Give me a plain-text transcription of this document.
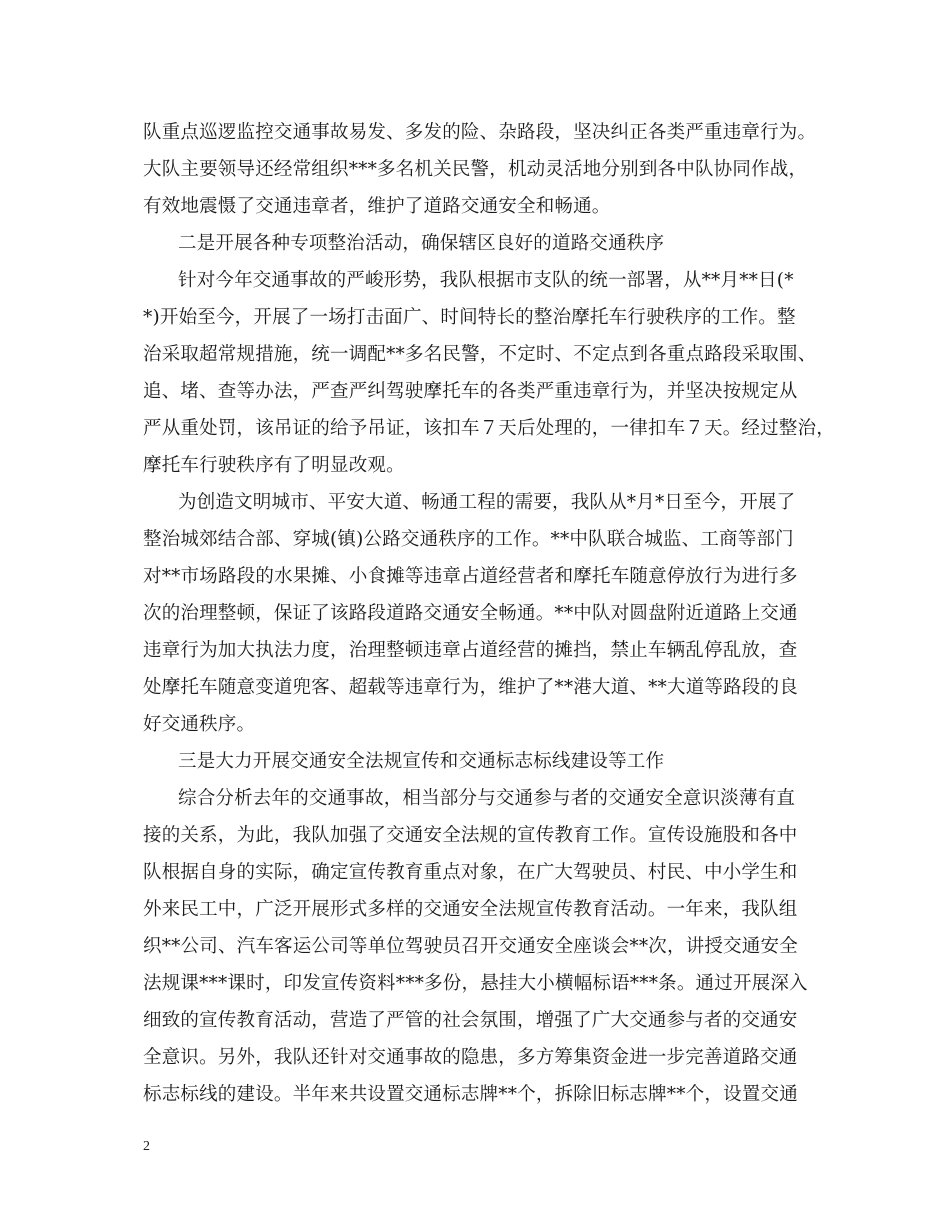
队重点巡逻监控交通事故易发、多发的险、杂路段，坚决纠正各类严重违章行为。
大队主要领导还经常组织***多名机关民警，机动灵活地分别到各中队协同作战，
有效地震慑了交通违章者，维护了道路交通安全和畅通。
二是开展各种专项整治活动，确保辖区良好的道路交通秩序
针对今年交通事故的严峻形势，我队根据市支队的统一部署，从**月**日(*
*)开始至今，开展了一场打击面广、时间特长的整治摩托车行驶秩序的工作。整
治采取超常规措施，统一调配**多名民警，不定时、不定点到各重点路段采取围、
追、堵、查等办法，严查严纠驾驶摩托车的各类严重违章行为，并坚决按规定从
严从重处罚，该吊证的给予吊证，该扣车７天后处理的，一律扣车７天。经过整治，
摩托车行驶秩序有了明显改观。
为创造文明城市、平安大道、畅通工程的需要，我队从*月*日至今，开展了
整治城郊结合部、穿城(镇)公路交通秩序的工作。**中队联合城监、工商等部门
对**市场路段的水果摊、小食摊等违章占道经营者和摩托车随意停放行为进行多
次的治理整顿，保证了该路段道路交通安全畅通。**中队对圆盘附近道路上交通
违章行为加大执法力度，治理整顿违章占道经营的摊挡，禁止车辆乱停乱放，查
处摩托车随意变道兜客、超载等违章行为，维护了**港大道、**大道等路段的良
好交通秩序。
三是大力开展交通安全法规宣传和交通标志标线建设等工作
综合分析去年的交通事故，相当部分与交通参与者的交通安全意识淡薄有直
接的关系，为此，我队加强了交通安全法规的宣传教育工作。宣传设施股和各中
队根据自身的实际，确定宣传教育重点对象，在广大驾驶员、村民、中小学生和
外来民工中，广泛开展形式多样的交通安全法规宣传教育活动。一年来，我队组
织**公司、汽车客运公司等单位驾驶员召开交通安全座谈会**次，讲授交通安全
法规课***课时，印发宣传资料***多份，悬挂大小横幅标语***条。通过开展深入
细致的宣传教育活动，营造了严管的社会氛围，增强了广大交通参与者的交通安
全意识。另外，我队还针对交通事故的隐患，多方筹集资金进一步完善道路交通
标志标线的建设。半年来共设置交通标志牌**个，拆除旧标志牌**个，设置交通
2
